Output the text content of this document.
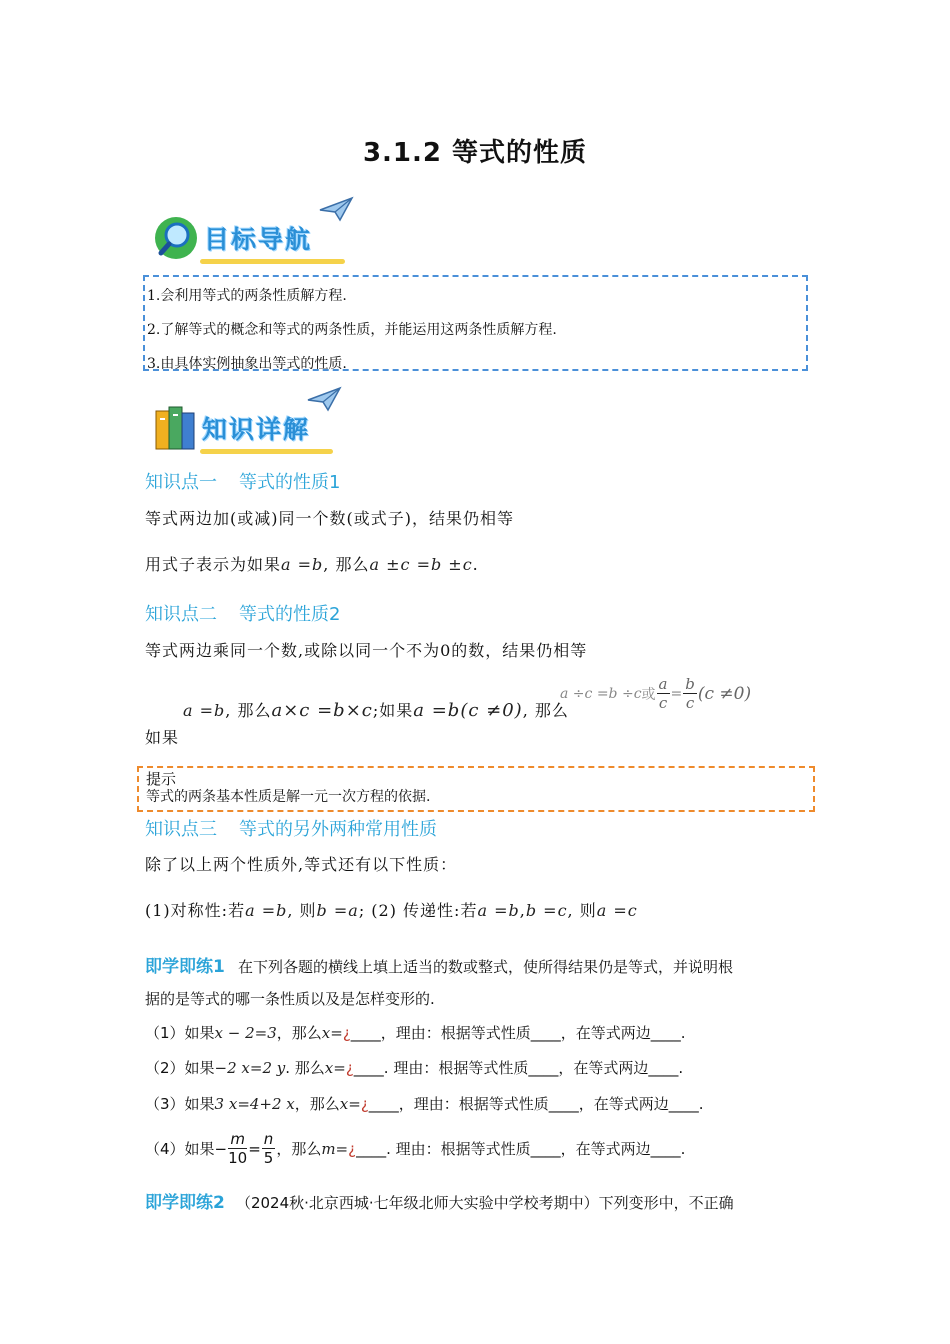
3.1.2 等式的性质
目标导航
1.会利用等式的两条性质解方程.
2.了解等式的概念和等式的两条性质，并能运用这两条性质解方程.
3.由具体实例抽象出等式的性质.
知识详解
知识点一 等式的性质1
等式两边加(或减)同一个数(或式子)，结果仍相等
用式子表示为如果a =b, 那么a ±c =b ±c.
知识点二 等式的性质2
等式两边乘同一个数,或除以同一个不为0的数，结果仍相等
a =b, 那么a×c =b×c;如果a =b(c ≠0), 那么
a ÷c =b ÷c 或 $\frac{a}{c} = \frac{b}{c} (c \ne 0)$
如果
提示
等式的两条基本性质是解一元一次方程的依据.
知识点三 等式的另外两种常用性质
除了以上两个性质外,等式还有以下性质：
(1)对称性:若a =b, 则b =a; (2) 传递性:若a =b,b =c, 则a =c
即学即练1 在下列各题的横线上填上适当的数或整式，使所得结果仍是等式，并说明根
据的是等式的哪一条性质以及是怎样变形的.
（1）如果x − 2=3，那么x=¿____，理由：根据等式性质____，在等式两边____.
（2）如果−2 x=2 y. 那么x=¿____. 理由：根据等式性质____，在等式两边____.
（3）如果3 x=4+2 x，那么x=¿____，理由：根据等式性质____，在等式两边____.
（4）如果 − $\frac{m}{10} = \frac{n}{5}$ ，那么 m= ¿ ____. 理由：根据等式性质____，在等式两边____.
即学即练2 （2024秋·北京西城·七年级北师大实验中学校考期中）下列变形中，不正确
